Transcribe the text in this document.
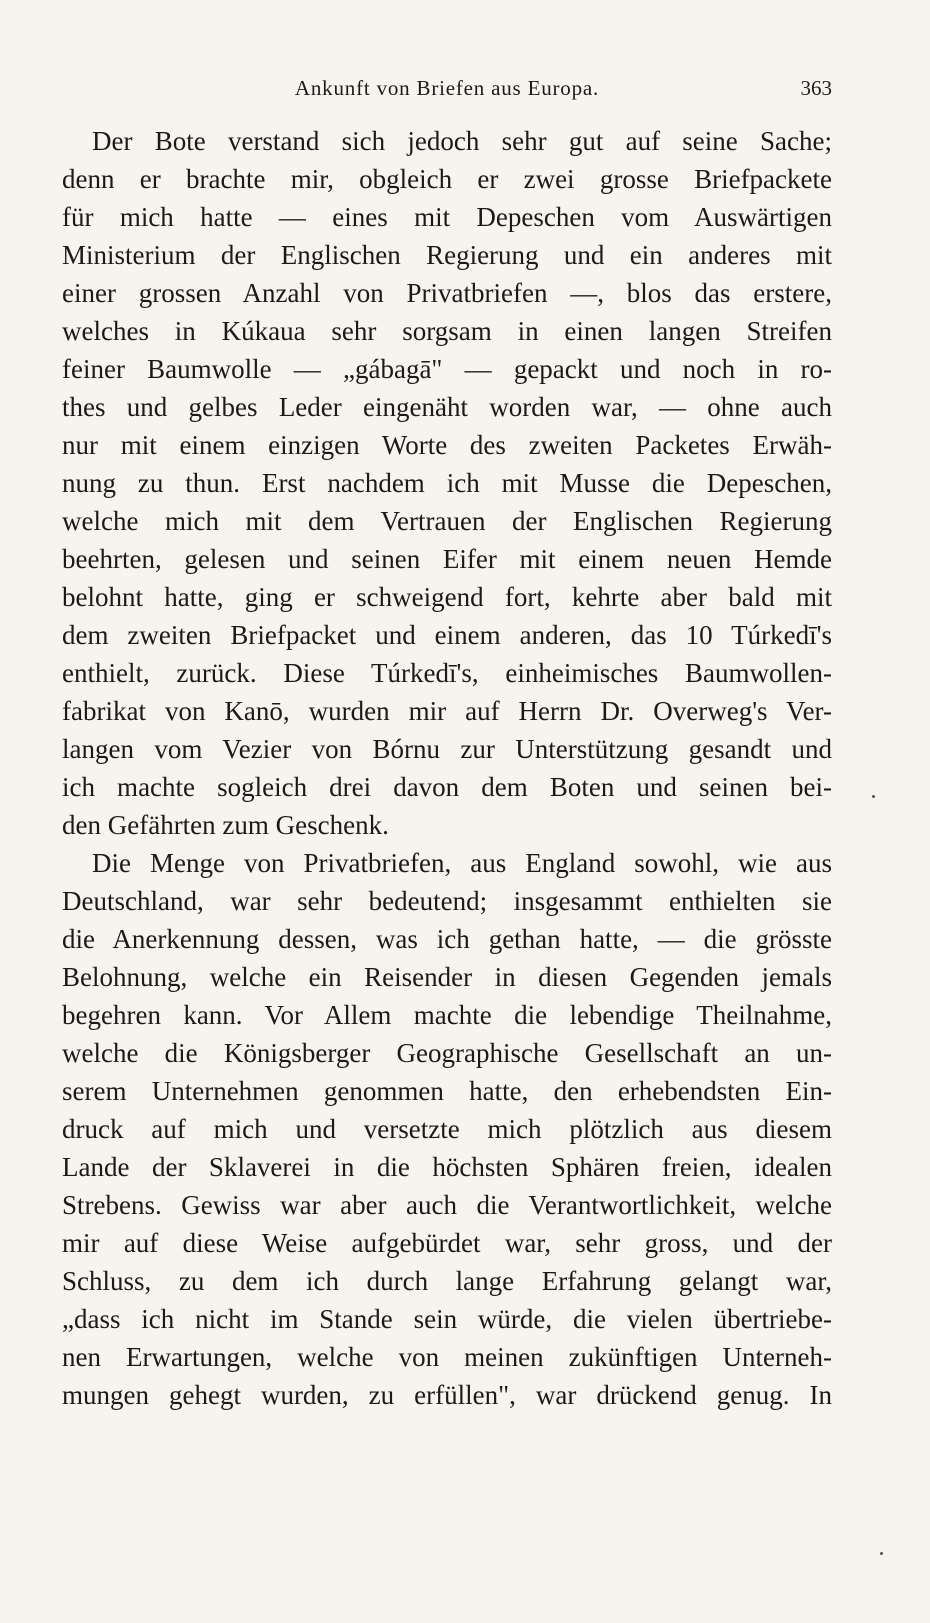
Ankunft von Briefen aus Europa.	363
Der Bote verstand sich jedoch sehr gut auf seine Sache;
denn er brachte mir, obgleich er zwei grosse Briefpackete
für mich hatte — eines mit Depeschen vom Auswärtigen
Ministerium der Englischen Regierung und ein anderes mit
einer grossen Anzahl von Privatbriefen —, blos das erstere,
welches in Kúkaua sehr sorgsam in einen langen Streifen
feiner Baumwolle — „gábagā" — gepackt und noch in ro-
thes und gelbes Leder eingenäht worden war, — ohne auch
nur mit einem einzigen Worte des zweiten Packetes Erwäh-
nung zu thun. Erst nachdem ich mit Musse die Depeschen,
welche mich mit dem Vertrauen der Englischen Regierung
beehrten, gelesen und seinen Eifer mit einem neuen Hemde
belohnt hatte, ging er schweigend fort, kehrte aber bald mit
dem zweiten Briefpacket und einem anderen, das 10 Túrkedī's
enthielt, zurück. Diese Túrkedī's, einheimisches Baumwollen-
fabrikat von Kanō, wurden mir auf Herrn Dr. Overweg's Ver-
langen vom Vezier von Bórnu zur Unterstützung gesandt und
ich machte sogleich drei davon dem Boten und seinen bei-
den Gefährten zum Geschenk.
Die Menge von Privatbriefen, aus England sowohl, wie aus
Deutschland, war sehr bedeutend; insgesammt enthielten sie
die Anerkennung dessen, was ich gethan hatte, — die grösste
Belohnung, welche ein Reisender in diesen Gegenden jemals
begehren kann. Vor Allem machte die lebendige Theilnahme,
welche die Königsberger Geographische Gesellschaft an un-
serem Unternehmen genommen hatte, den erhebendsten Ein-
druck auf mich und versetzte mich plötzlich aus diesem
Lande der Sklaverei in die höchsten Sphären freien, idealen
Strebens. Gewiss war aber auch die Verantwortlichkeit, welche
mir auf diese Weise aufgebürdet war, sehr gross, und der
Schluss, zu dem ich durch lange Erfahrung gelangt war,
„dass ich nicht im Stande sein würde, die vielen übertriebe-
nen Erwartungen, welche von meinen zukünftigen Unterneh-
mungen gehegt wurden, zu erfüllen", war drückend genug. In
